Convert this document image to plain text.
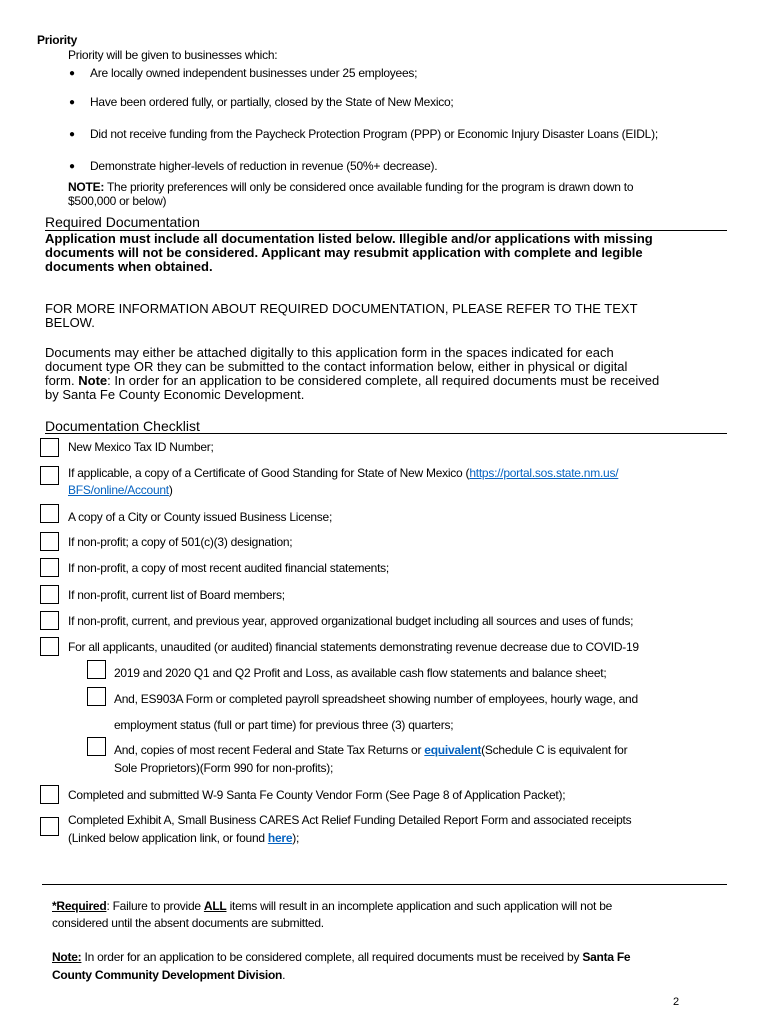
Priority
Priority will be given to businesses which:
● Are locally owned independent businesses under 25 employees;
● Have been ordered fully, or partially, closed by the State of New Mexico;
● Did not receive funding from the Paycheck Protection Program (PPP) or Economic Injury Disaster Loans (EIDL);
● Demonstrate higher-levels of reduction in revenue (50%+ decrease).
NOTE: The priority preferences will only be considered once available funding for the program is drawn down to
$500,000 or below)
Required Documentation
Application must include all documentation listed below. Illegible and/or applications with missing
documents will not be considered. Applicant may resubmit application with complete and legible
documents when obtained.
FOR MORE INFORMATION ABOUT REQUIRED DOCUMENTATION, PLEASE REFER TO THE TEXT
BELOW.
Documents may either be attached digitally to this application form in the spaces indicated for each
document type OR they can be submitted to the contact information below, either in physical or digital
form. Note: In order for an application to be considered complete, all required documents must be received
by Santa Fe County Economic Development.
Documentation Checklist
New Mexico Tax ID Number;
If applicable, a copy of a Certificate of Good Standing for State of New Mexico (https://portal.sos.state.nm.us/
BFS/online/Account)
A copy of a City or County issued Business License;
If non-profit; a copy of 501(c)(3) designation;
If non-profit, a copy of most recent audited financial statements;
If non-profit, current list of Board members;
If non-profit, current, and previous year, approved organizational budget including all sources and uses of funds;
For all applicants, unaudited (or audited) financial statements demonstrating revenue decrease due to COVID-19
2019 and 2020 Q1 and Q2 Profit and Loss, as available cash flow statements and balance sheet;
And, ES903A Form or completed payroll spreadsheet showing number of employees, hourly wage, and
employment status (full or part time) for previous three (3) quarters;
And, copies of most recent Federal and State Tax Returns or equivalent(Schedule C is equivalent for
Sole Proprietors)(Form 990 for non-profits);
Completed and submitted W-9 Santa Fe County Vendor Form (See Page 8 of Application Packet);
Completed Exhibit A, Small Business CARES Act Relief Funding Detailed Report Form and associated receipts
(Linked below application link, or found here);
*Required: Failure to provide ALL items will result in an incomplete application and such application will not be
considered until the absent documents are submitted.
Note: In order for an application to be considered complete, all required documents must be received by Santa Fe
County Community Development Division.
2
